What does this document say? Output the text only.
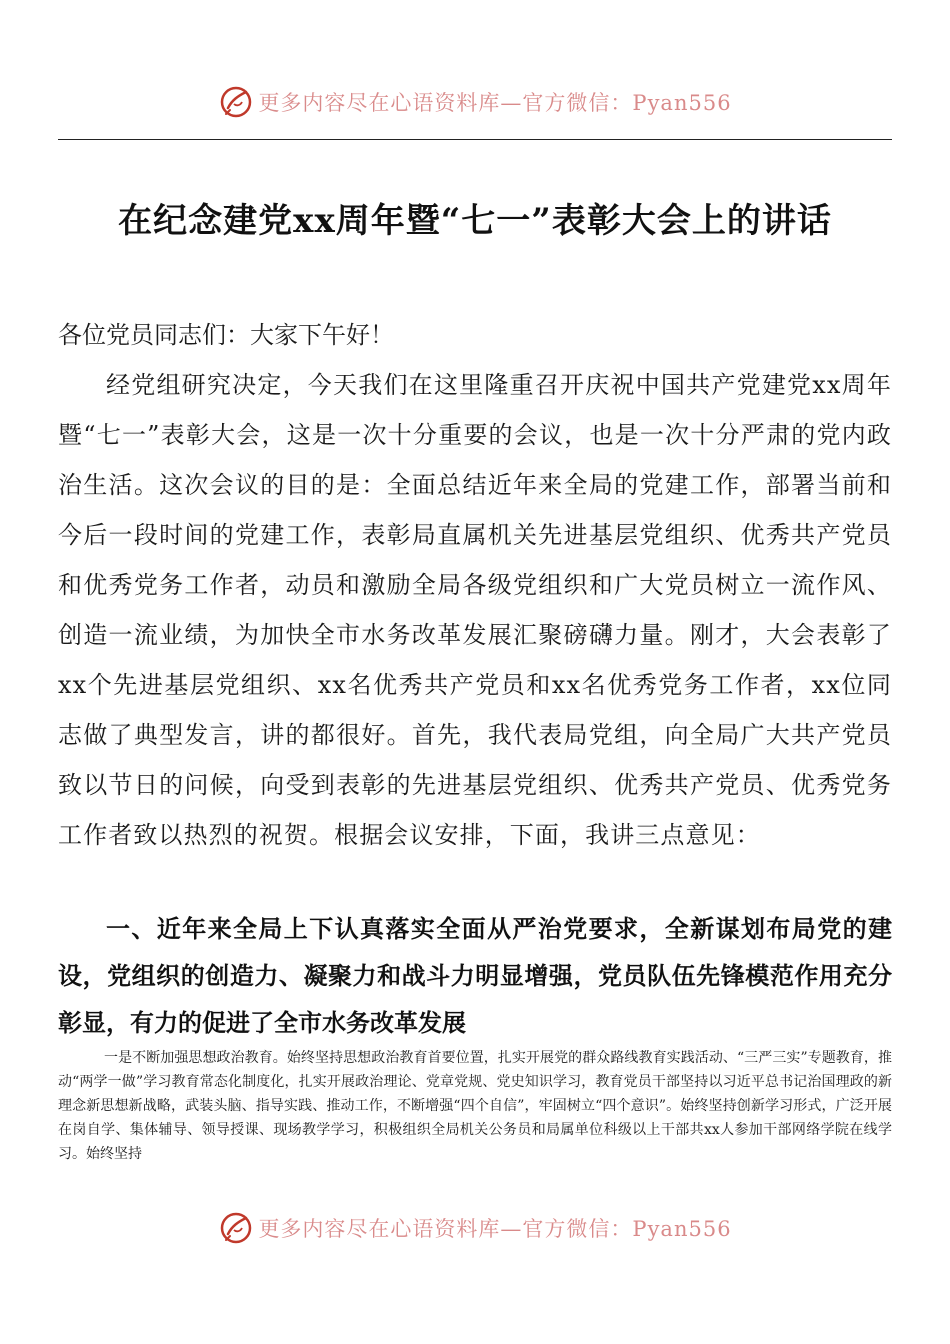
更多内容尽在心语资料库—官方微信：Pyan556
在纪念建党xx周年暨“七一”表彰大会上的讲话

各位党员同志们：大家下午好！

经党组研究决定，今天我们在这里隆重召开庆祝中国共产党建党xx周年暨“七一”表彰大会，这是一次十分重要的会议，也是一次十分严肃的党内政治生活。这次会议的目的是：全面总结近年来全局的党建工作，部署当前和今后一段时间的党建工作，表彰局直属机关先进基层党组织、优秀共产党员和优秀党务工作者，动员和激励全局各级党组织和广大党员树立一流作风、创造一流业绩，为加快全市水务改革发展汇聚磅礴力量。刚才，大会表彰了xx个先进基层党组织、xx名优秀共产党员和xx名优秀党务工作者，xx位同志做了典型发言，讲的都很好。首先，我代表局党组，向全局广大共产党员致以节日的问候，向受到表彰的先进基层党组织、优秀共产党员、优秀党务工作者致以热烈的祝贺。根据会议安排，下面，我讲三点意见：

一、近年来全局上下认真落实全面从严治党要求，全新谋划布局党的建设，党组织的创造力、凝聚力和战斗力明显增强，党员队伍先锋模范作用充分彰显，有力的促进了全市水务改革发展

一是不断加强思想政治教育。始终坚持思想政治教育首要位置，扎实开展党的群众路线教育实践活动、“三严三实”专题教育，推动“两学一做”学习教育常态化制度化，扎实开展政治理论、党章党规、党史知识学习，教育党员干部坚持以习近平总书记治国理政的新理念新思想新战略，武装头脑、指导实践、推动工作，不断增强“四个自信”，牢固树立“四个意识”。始终坚持创新学习形式，广泛开展在岗自学、集体辅导、领导授课、现场教学学习，积极组织全局机关公务员和局属单位科级以上干部共xx人参加干部网络学院在线学习。始终坚持

更多内容尽在心语资料库—官方微信：Pyan556
